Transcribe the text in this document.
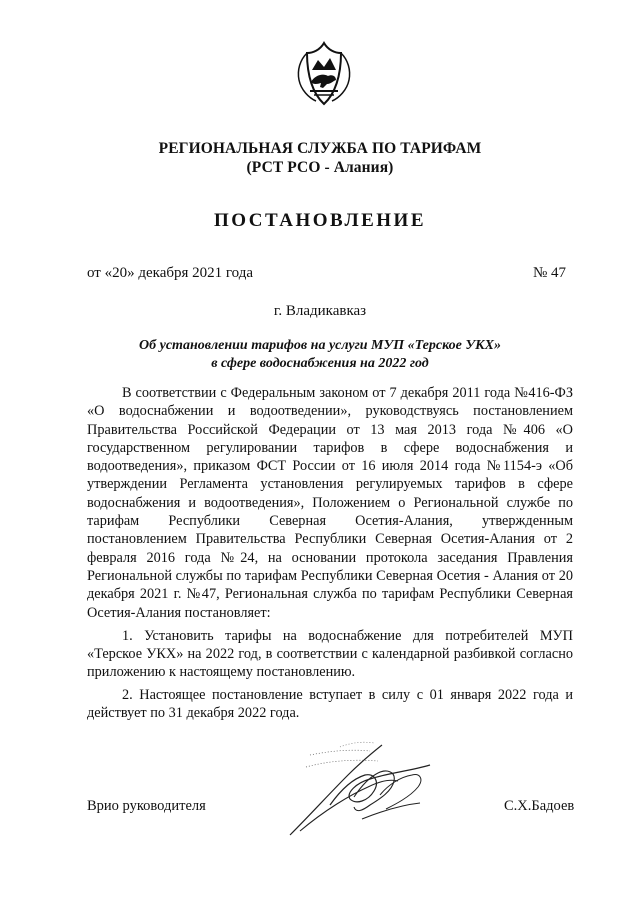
РЕГИОНАЛЬНАЯ СЛУЖБА ПО ТАРИФАМ
(РСТ РСО - Алания)
ПОСТАНОВЛЕНИЕ
от «20» декабря 2021 года	№ 47
г. Владикавказ
Об установлении тарифов на услуги МУП «Терское УКХ»
в сфере водоснабжения на 2022 год

В соответствии с Федеральным законом от 7 декабря 2011 года №416-ФЗ «О водоснабжении и водоотведении», руководствуясь постановлением Правительства Российской Федерации от 13 мая 2013 года №406 «О государственном регулировании тарифов в сфере водоснабжения и водоотведения», приказом ФСТ России от 16 июля 2014 года №1154-э «Об утверждении Регламента установления регулируемых тарифов в сфере водоснабжения и водоотведения», Положением о Региональной службе по тарифам Республики Северная Осетия-Алания, утвержденным постановлением Правительства Республики Северная Осетия-Алания от 2 февраля 2016 года №24, на основании протокола заседания Правления Региональной службы по тарифам Республики Северная Осетия - Алания от 20 декабря 2021 г. №47, Региональная служба по тарифам Республики Северная Осетия-Алания постановляет:

1. Установить тарифы на водоснабжение для потребителей МУП «Терское УКХ» на 2022 год, в соответствии с календарной разбивкой согласно приложению к настоящему постановлению.

2. Настоящее постановление вступает в силу с 01 января 2022 года и действует по 31 декабря 2022 года.

Врио руководителя	С.Х.Бадоев
